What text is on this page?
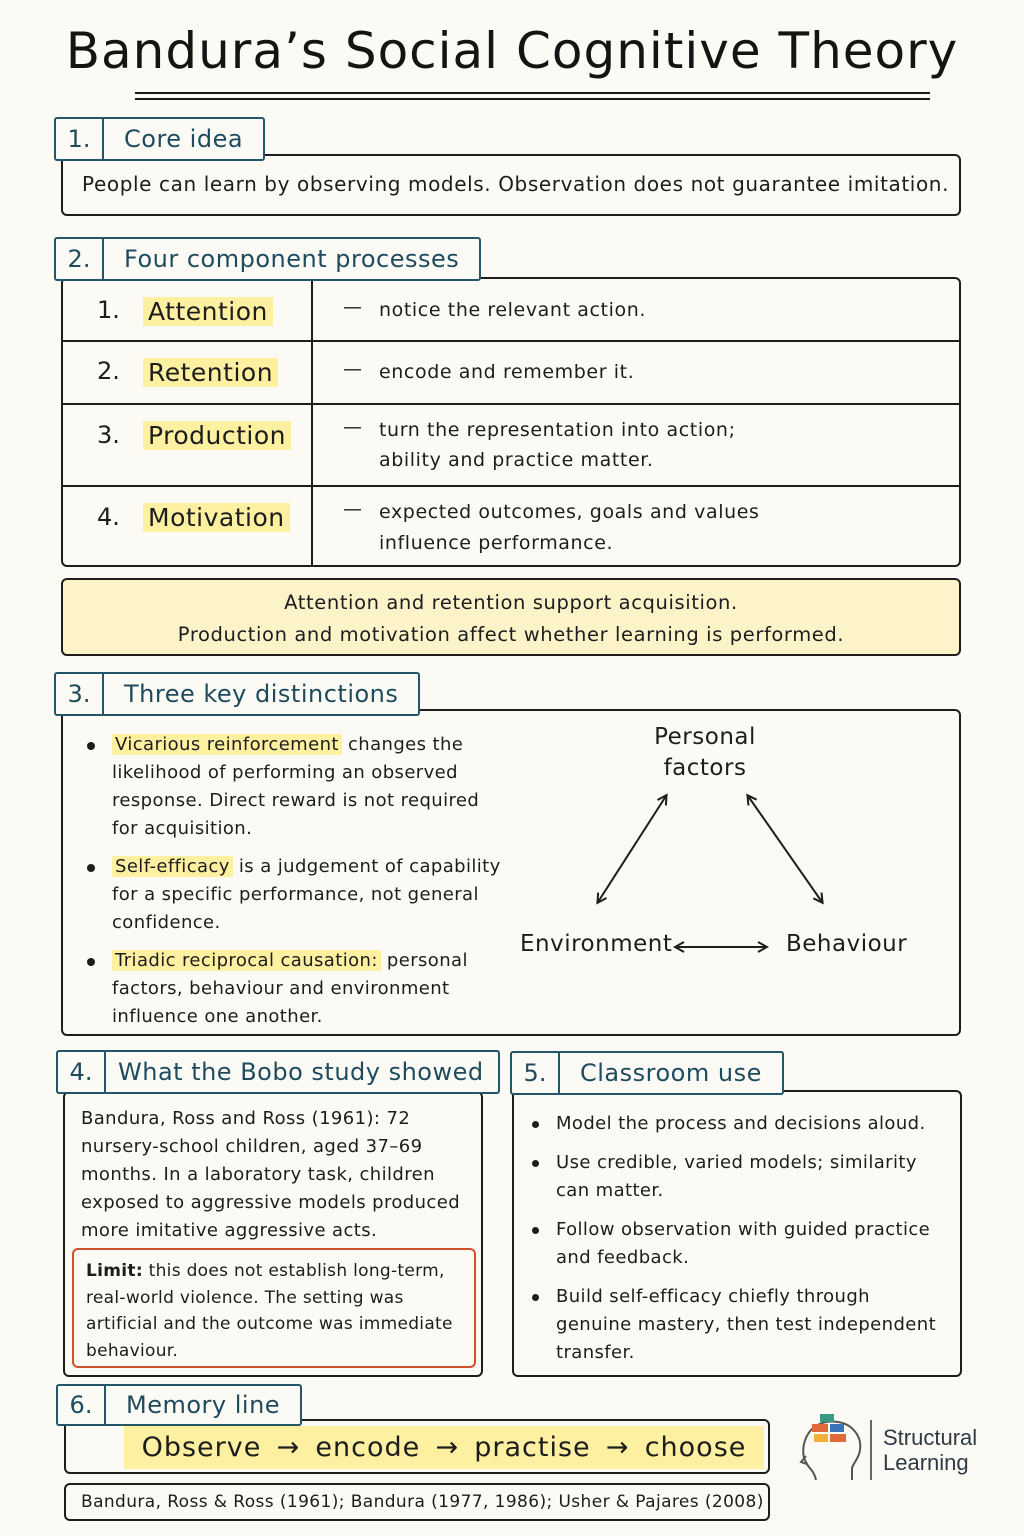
Bandura’s Social Cognitive Theory
1.	Core idea
People can learn by observing models. Observation does not guarantee imitation.
1. Attention	— notice the relevant action.
2. Retention	— encode and remember it.
3. Production	— turn the representation into action;
ability and practice matter.
4. Motivation	— expected outcomes, goals and values
influence performance.
2.	Four component processes
Attention and retention support acquisition.
Production and motivation affect whether learning is performed.
Vicarious reinforcement changes the likelihood of performing an observed response. Direct reward is not required for acquisition.
Self-efficacy is a judgement of capability for a specific performance, not general confidence.
Triadic reciprocal causation: personal factors, behaviour and environment influence one another.
3.	Three key distinctions
Personal
factors
Environment	Behaviour
Bandura, Ross and Ross (1961): 72 nursery-school children, aged 37–69 months. In a laboratory task, children exposed to aggressive models produced more imitative aggressive acts.
Limit: this does not establish long-term, real-world violence. The setting was artificial and the outcome was immediate behaviour.
4.	What the Bobo study showed
Model the process and decisions aloud.
Use credible, varied models; similarity can matter.
Follow observation with guided practice and feedback.
Build self-efficacy chiefly through genuine mastery, then test independent transfer.
5.	Classroom use
Observe → encode → practise → choose
6.	Memory line
Bandura, Ross & Ross (1961); Bandura (1977, 1986); Usher & Pajares (2008)
Structural
Learning
